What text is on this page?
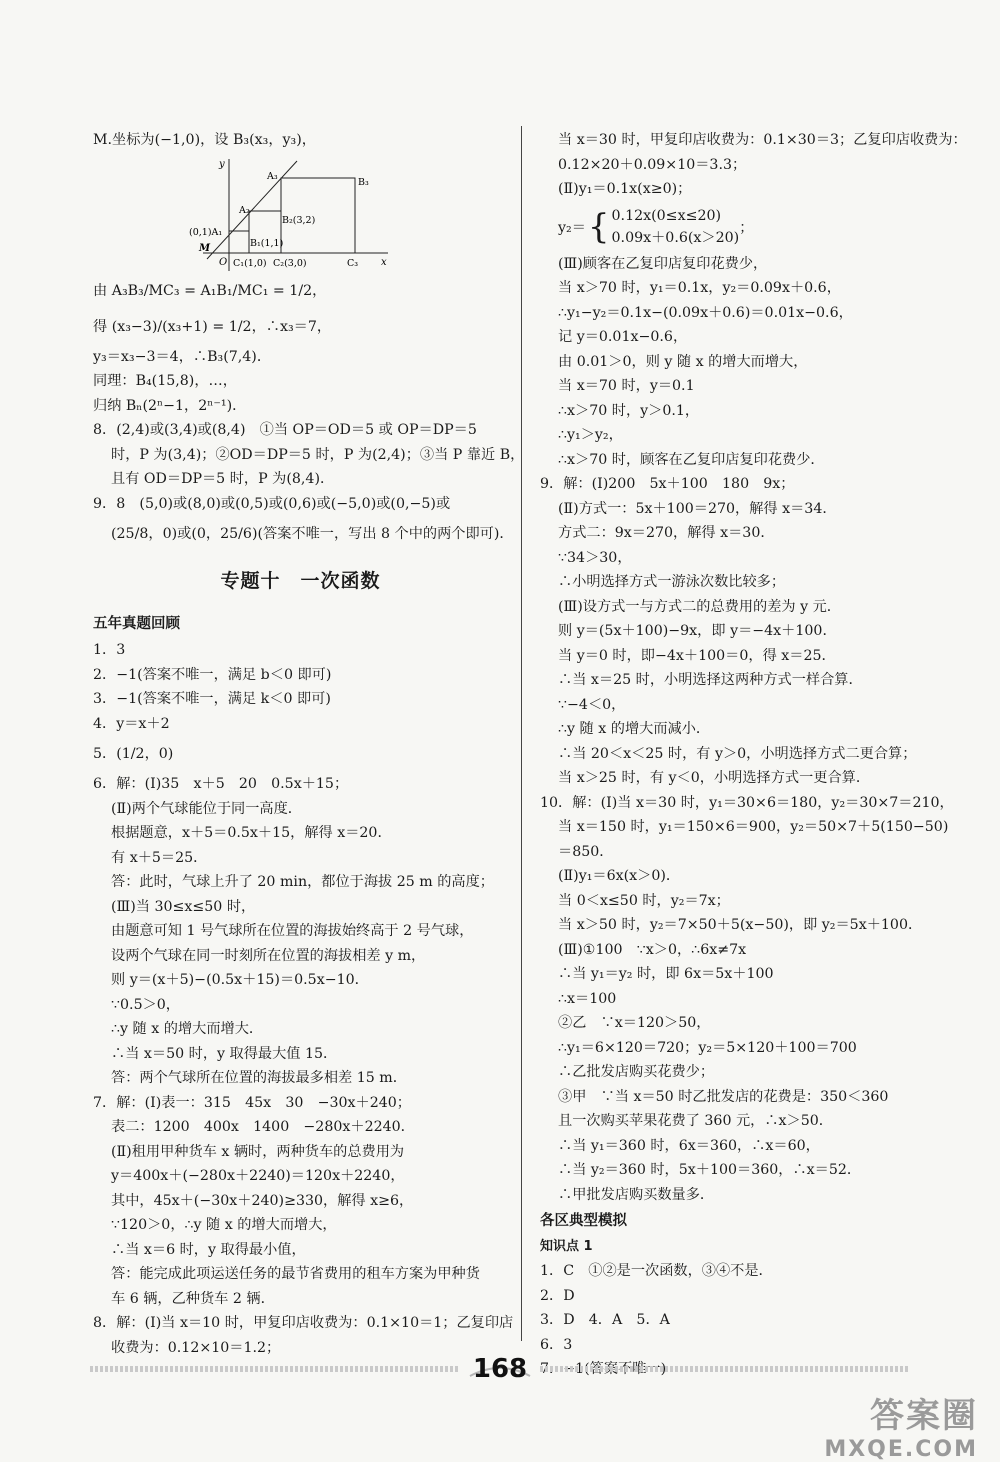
M.坐标为(−1,0)，设 B₃(x₃，y₃)，
y
x
O
M
(0,1)A₁
A₂
A₃
B₁(1,1)
B₂(3,2)
B₃
C₁(1,0) C₂(3,0)	C₃
由 A₃B₃/MC₃ = A₁B₁/MC₁ = 1/2，
得 (x₃−3)/(x₃+1) = 1/2，∴x₃＝7，
y₃＝x₃−3＝4，∴B₃(7,4)．
同理：B₄(15,8)，…，
归纳 Bₙ(2ⁿ−1，2ⁿ⁻¹)．
8．(2,4)或(3,4)或(8,4)　①当 OP＝OD＝5 或 OP＝DP＝5
时，P 为(3,4)；②OD＝DP＝5 时，P 为(2,4)；③当 P 靠近 B，
且有 OD＝DP＝5 时，P 为(8,4)．
9．8　(5,0)或(8,0)或(0,5)或(0,6)或(−5,0)或(0,−5)或
(25/8，0)或(0，25/6)(答案不唯一，写出 8 个中的两个即可)．
专题十　一次函数
五年真题回顾
1．3
2．−1(答案不唯一，满足 b＜0 即可)
3．−1(答案不唯一，满足 k＜0 即可)
4．y＝x＋2
5．(1/2，0)
6．解：(Ⅰ)35　x＋5　20　0.5x＋15；
(Ⅱ)两个气球能位于同一高度．
根据题意，x＋5＝0.5x＋15，解得 x＝20．
有 x＋5＝25．
答：此时，气球上升了 20 min，都位于海拔 25 m 的高度；
(Ⅲ)当 30≤x≤50 时，
由题意可知 1 号气球所在位置的海拔始终高于 2 号气球，
设两个气球在同一时刻所在位置的海拔相差 y m，
则 y＝(x＋5)−(0.5x＋15)＝0.5x−10．
∵0.5＞0，
∴y 随 x 的增大而增大．
∴当 x＝50 时，y 取得最大值 15．
答：两个气球所在位置的海拔最多相差 15 m．
7．解：(Ⅰ)表一：315　45x　30　−30x＋240；
表二：1200　400x　1400　−280x＋2240．
(Ⅱ)租用甲种货车 x 辆时，两种货车的总费用为
y＝400x＋(−280x＋2240)＝120x＋2240，
其中，45x＋(−30x＋240)≥330，解得 x≥6，
∵120＞0，∴y 随 x 的增大而增大，
∴当 x＝6 时，y 取得最小值，
答：能完成此项运送任务的最节省费用的租车方案为甲种货
车 6 辆，乙种货车 2 辆．
8．解：(Ⅰ)当 x＝10 时，甲复印店收费为：0.1×10＝1；乙复印店
收费为：0.12×10＝1.2；
当 x＝30 时，甲复印店收费为：0.1×30＝3；乙复印店收费为：
0.12×20＋0.09×10＝3.3；
(Ⅱ)y₁＝0.1x(x≥0)；
y₂＝ { 0.12x(0≤x≤20)
0.09x＋0.6(x＞20)
；
(Ⅲ)顾客在乙复印店复印花费少，
当 x＞70 时，y₁＝0.1x，y₂＝0.09x＋0.6，
∴y₁−y₂＝0.1x−(0.09x＋0.6)＝0.01x−0.6，
记 y＝0.01x−0.6，
由 0.01＞0，则 y 随 x 的增大而增大，
当 x＝70 时，y＝0.1
∴x＞70 时，y＞0.1，
∴y₁＞y₂，
∴x＞70 时，顾客在乙复印店复印花费少．
9．解：(Ⅰ)200　5x＋100　180　9x；
(Ⅱ)方式一：5x＋100＝270，解得 x＝34．
方式二：9x＝270，解得 x＝30．
∵34＞30，
∴小明选择方式一游泳次数比较多；
(Ⅲ)设方式一与方式二的总费用的差为 y 元．
则 y＝(5x＋100)−9x，即 y＝−4x＋100．
当 y＝0 时，即−4x＋100＝0，得 x＝25．
∴当 x＝25 时，小明选择这两种方式一样合算．
∵−4＜0，
∴y 随 x 的增大而减小．
∴当 20＜x＜25 时，有 y＞0，小明选择方式二更合算；
当 x＞25 时，有 y＜0，小明选择方式一更合算．
10．解：(Ⅰ)当 x＝30 时，y₁＝30×6＝180，y₂＝30×7＝210，
当 x＝150 时，y₁＝150×6＝900，y₂＝50×7＋5(150−50)
＝850．
(Ⅱ)y₁＝6x(x＞0)．
当 0＜x≤50 时，y₂＝7x；
当 x＞50 时，y₂＝7×50＋5(x−50)，即 y₂＝5x＋100．
(Ⅲ)①100　∵x＞0，∴6x≠7x
∴当 y₁＝y₂ 时，即 6x＝5x＋100
∴x＝100
②乙　∵x＝120＞50，
∴y₁＝6×120＝720；y₂＝5×120＋100＝700
∴乙批发店购买花费少；
③甲　∵当 x＝50 时乙批发店的花费是：350＜360
且一次购买苹果花费了 360 元，∴x＞50．
∴当 y₁＝360 时，6x＝360，∴x＝60，
∴当 y₂＝360 时，5x＋100＝360，∴x＝52．
∴甲批发店购买数量多．
各区典型模拟
知识点 1
1．C　①②是一次函数，③④不是．
2．D
3．D　4．A　5．A
6．3
7．−1(答案不唯一)
168
答案圈
MXQE.COM
